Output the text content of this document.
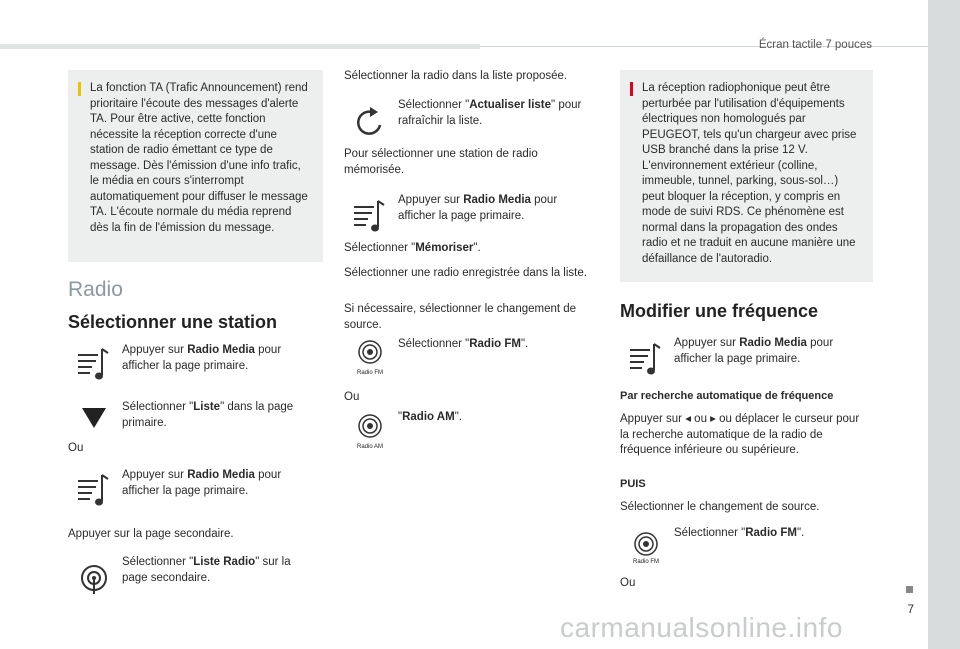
Écran tactile 7 pouces
7

La fonction TA (Trafic Announcement) rend prioritaire l'écoute des messages d'alerte TA. Pour être active, cette fonction nécessite la réception correcte d'une station de radio émettant ce type de message. Dès l'émission d'une info trafic, le média en cours s'interrompt automatiquement pour diffuser le message TA. L'écoute normale du média reprend dès la fin de l'émission du message.

Radio
Sélectionner une station

Appuyer sur Radio Media pour afficher la page primaire.

Sélectionner "Liste" dans la page primaire.

Ou

Appuyer sur Radio Media pour afficher la page primaire.

Appuyer sur la page secondaire.

Sélectionner "Liste Radio" sur la page secondaire.

Sélectionner la radio dans la liste proposée.

Sélectionner "Actualiser liste" pour rafraîchir la liste.

Pour sélectionner une station de radio mémorisée.

Appuyer sur Radio Media pour afficher la page primaire.

Sélectionner "Mémoriser".

Sélectionner une radio enregistrée dans la liste.

Si nécessaire, sélectionner le changement de source.

Radio FM

Sélectionner "Radio FM".

Ou

Radio AM

"Radio AM".

La réception radiophonique peut être perturbée par l'utilisation d'équipements électriques non homologués par PEUGEOT, tels qu'un chargeur avec prise USB branché dans la prise 12 V. L'environnement extérieur (colline, immeuble, tunnel, parking, sous-sol…) peut bloquer la réception, y compris en mode de suivi RDS. Ce phénomène est normal dans la propagation des ondes radio et ne traduit en aucune manière une défaillance de l'autoradio.

Modifier une fréquence

Appuyer sur Radio Media pour afficher la page primaire.

Par recherche automatique de fréquence

Appuyer sur ◂ ou ▸ ou déplacer le curseur pour la recherche automatique de la radio de fréquence inférieure ou supérieure.

PUIS

Sélectionner le changement de source.

Radio FM

Sélectionner "Radio FM".

Ou

carmanualsonline.info
